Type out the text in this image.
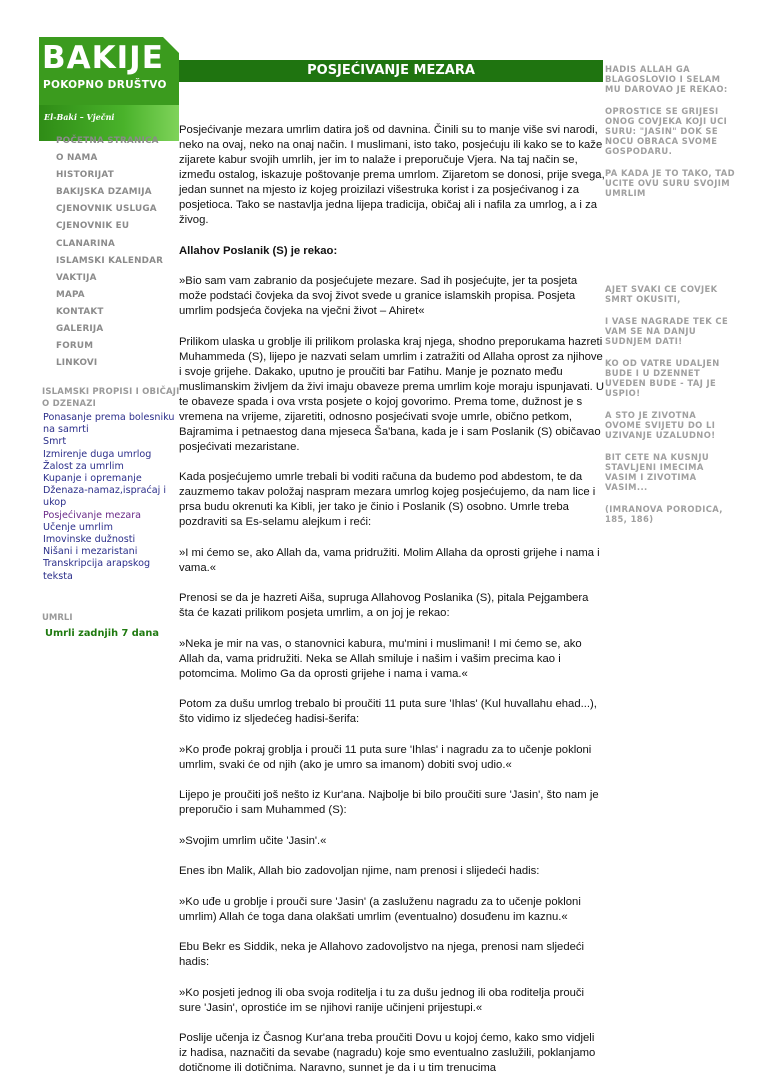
BAKIJE
POKOPNO DRUŠTVO
El-Baki – Vječni
POSJEĆIVANJE MEZARA
POČETNA STRANICA
O NAMA
HISTORIJAT
BAKIJSKA DZAMIJA
CJENOVNIK USLUGA
CJENOVNIK EU
CLANARINA
ISLAMSKI KALENDAR
VAKTIJA
MAPA
KONTAKT
GALERIJA
FORUM
LINKOVI
ISLAMSKI PROPISI I OBIČAJI O DZENAZI
Ponasanje prema bolesniku na samrti
Smrt
Izmirenje duga umrlog
Žalost za umrlim
Kupanje i opremanje
Dženaza-namaz,ispraćaj i ukop
Posjećivanje mezara
Učenje umrlim
Imovinske dužnosti
Nišani i mezaristani
Transkripcija arapskog teksta
UMRLI
Umrli zadnjih 7 dana

Posjećivanje mezara umrlim datira još od davnina. Činili su to manje više svi narodi, neko na ovaj, neko na onaj način. I muslimani, isto tako, posjećuju ili kako se to kaže zijarete kabur svojih umrlih, jer im to nalaže i preporučuje Vjera. Na taj način se, između ostalog, iskazuje poštovanje prema umrlom. Zijaretom se donosi, prije svega, jedan sunnet na mjesto iz kojeg proizilazi višestruka korist i za posjećivanog i za posjetioca. Tako se nastavlja jedna lijepa tradicija, običaj ali i nafila za umrlog, a i za živog.

Allahov Poslanik (S) je rekao:

»Bio sam vam zabranio da posjećujete mezare. Sad ih posjećujte, jer ta posjeta može podstaći čovjeka da svoj život svede u granice islamskih propisa. Posjeta umrlim podsjeća čovjeka na vječni život – Ahiret«

Prilikom ulaska u groblje ili prilikom prolaska kraj njega, shodno preporukama hazreti Muhammeda (S), lijepo je nazvati selam umrlim i zatražiti od Allaha oprost za njihove i svoje grijehe. Dakako, uputno je proučiti bar Fatihu. Manje je poznato među muslimanskim življem da živi imaju obaveze prema umrlim koje moraju ispunjavati. U te obaveze spada i ova vrsta posjete o kojoj govorimo. Prema tome, dužnost je s vremena na vrijeme, zijaretiti, odnosno posjećivati svoje umrle, obično petkom, Bajramima i petnaestog dana mjeseca Ša'bana, kada je i sam Poslanik (S) običavao posjećivati mezaristane.

Kada posjećujemo umrle trebali bi voditi računa da budemo pod abdestom, te da zauzmemo takav položaj naspram mezara umrlog kojeg posjećujemo, da nam lice i prsa budu okrenuti ka Kibli, jer tako je činio i Poslanik (S) osobno. Umrle treba pozdraviti sa Es-selamu alejkum i reći:

»I mi ćemo se, ako Allah da, vama pridružiti. Molim Allaha da oprosti grijehe i nama i vama.«

Prenosi se da je hazreti Aiša, supruga Allahovog Poslanika (S), pitala Pejgambera šta će kazati prilikom posjeta umrlim, a on joj je rekao:

»Neka je mir na vas, o stanovnici kabura, mu'mini i muslimani! I mi ćemo se, ako Allah da, vama pridružiti. Neka se Allah smiluje i našim i vašim precima kao i potomcima. Molimo Ga da oprosti grijehe i nama i vama.«

Potom za dušu umrlog trebalo bi proučiti 11 puta sure 'Ihlas' (Kul huvallahu ehad...), što vidimo iz sljedećeg hadisi-šerifa:

»Ko prođe pokraj groblja i prouči 11 puta sure 'Ihlas' i nagradu za to učenje pokloni umrlim, svaki će od njih (ako je umro sa imanom) dobiti svoj udio.«

Lijepo je proučiti još nešto iz Kur'ana. Najbolje bi bilo proučiti sure 'Jasin', što nam je preporučio i sam Muhammed (S):

»Svojim umrlim učite 'Jasin'.«

Enes ibn Malik, Allah bio zadovoljan njime, nam prenosi i slijedeći hadis:

»Ko uđe u groblje i prouči sure 'Jasin' (a zasluženu nagradu za to učenje pokloni umrlim) Allah će toga dana olakšati umrlim (eventualno) dosuđenu im kaznu.«

Ebu Bekr es Siddik, neka je Allahovo zadovoljstvo na njega, prenosi nam sljedeći hadis:

»Ko posjeti jednog ili oba svoja roditelja i tu za dušu jednog ili oba roditelja prouči sure 'Jasin', oprostiće im se njihovi ranije učinjeni prijestupi.«

Poslije učenja iz Časnog Kur'ana treba proučiti Dovu u kojoj ćemo, kako smo vidjeli iz hadisa, naznačiti da sevabe (nagradu) koje smo eventualno zaslužili, poklanjamo dotičnome ili dotičnima. Naravno, sunnet je da i u tim trenucima

HADIS ALLAH GA BLAGOSLOVIO I SELAM MU DAROVAO JE REKAO:
OPROSTICE SE GRIJESI ONOG COVJEKA KOJI UCI SURU: "JASIN" DOK SE NOCU OBRACA SVOME GOSPODARU.
PA KADA JE TO TAKO, TAD UCITE OVU SURU SVOJIM UMRLIM
AJET SVAKI CE COVJEK SMRT OKUSITI,
I VASE NAGRADE TEK CE VAM SE NA DANJU SUDNJEM DATI!
KO OD VATRE UDALJEN BUDE I U DZENNET UVEDEN BUDE - TAJ JE USPIO!
A STO JE ZIVOTNA OVOME SVIJETU DO LI UZIVANJE UZALUDNO!
BIT CETE NA KUSNJU STAVLJENI IMECIMA VASIM I ZIVOTIMA VASIM...
(IMRANOVA PORODICA, 185, 186)
